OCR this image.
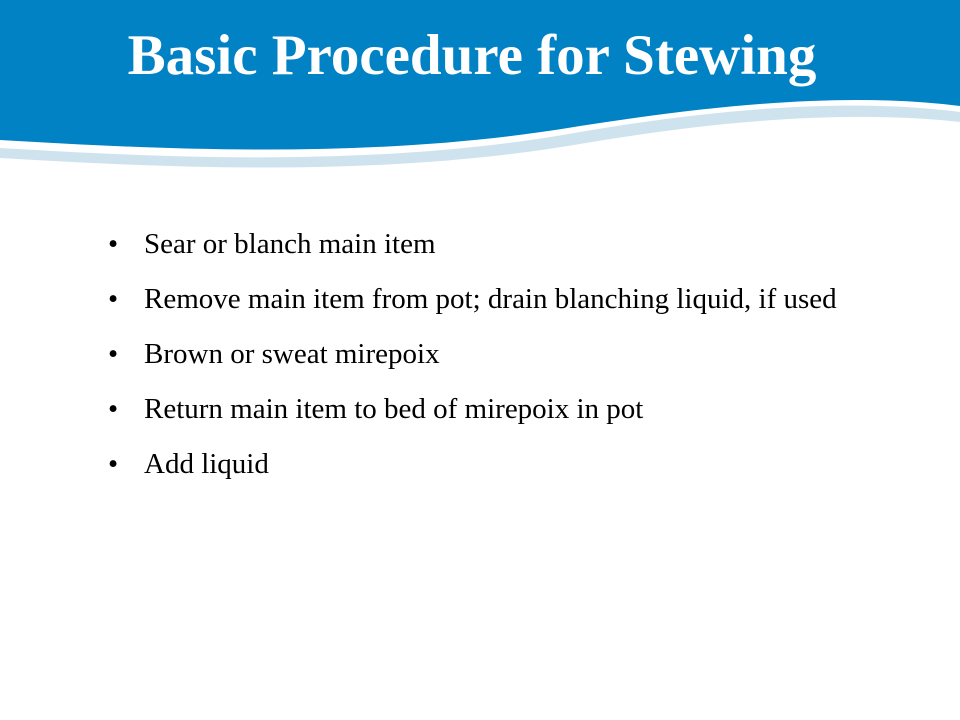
Basic Procedure for Stewing
• Sear or blanch main item
• Remove main item from pot; drain blanching liquid, if used
• Brown or sweat mirepoix
• Return main item to bed of mirepoix in pot
• Add liquid
